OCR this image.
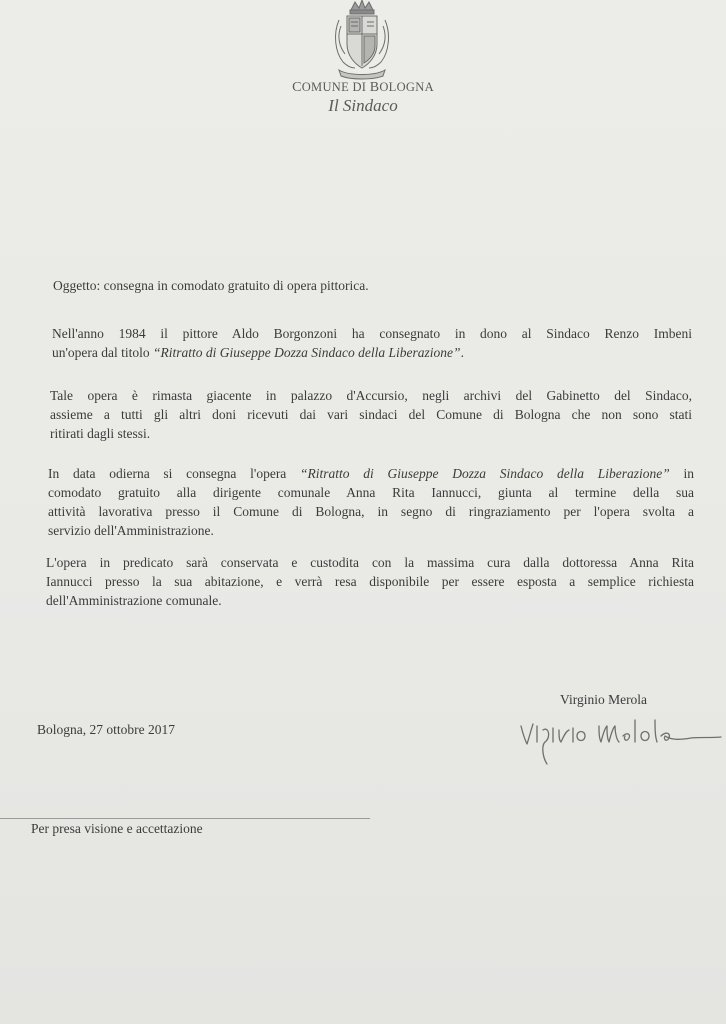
COMUNE DI BOLOGNA
Il Sindaco
Oggetto: consegna in comodato gratuito di opera pittorica.
Nell'anno 1984 il pittore Aldo Borgonzoni ha consegnato in dono al Sindaco Renzo Imbeni
un'opera dal titolo “Ritratto di Giuseppe Dozza Sindaco della Liberazione”.
Tale opera è rimasta giacente in palazzo d'Accursio, negli archivi del Gabinetto del Sindaco,
assieme a tutti gli altri doni ricevuti dai vari sindaci del Comune di Bologna che non sono stati
ritirati dagli stessi.
In data odierna si consegna l'opera “Ritratto di Giuseppe Dozza Sindaco della Liberazione” in
comodato gratuito alla dirigente comunale Anna Rita Iannucci, giunta al termine della sua
attività lavorativa presso il Comune di Bologna, in segno di ringraziamento per l'opera svolta a
servizio dell'Amministrazione.
L'opera in predicato sarà conservata e custodita con la massima cura dalla dottoressa Anna Rita
Iannucci presso la sua abitazione, e verrà resa disponibile per essere esposta a semplice richiesta
dell'Amministrazione comunale.
Virginio Merola
Bologna, 27 ottobre 2017
Per presa visione e accettazione
